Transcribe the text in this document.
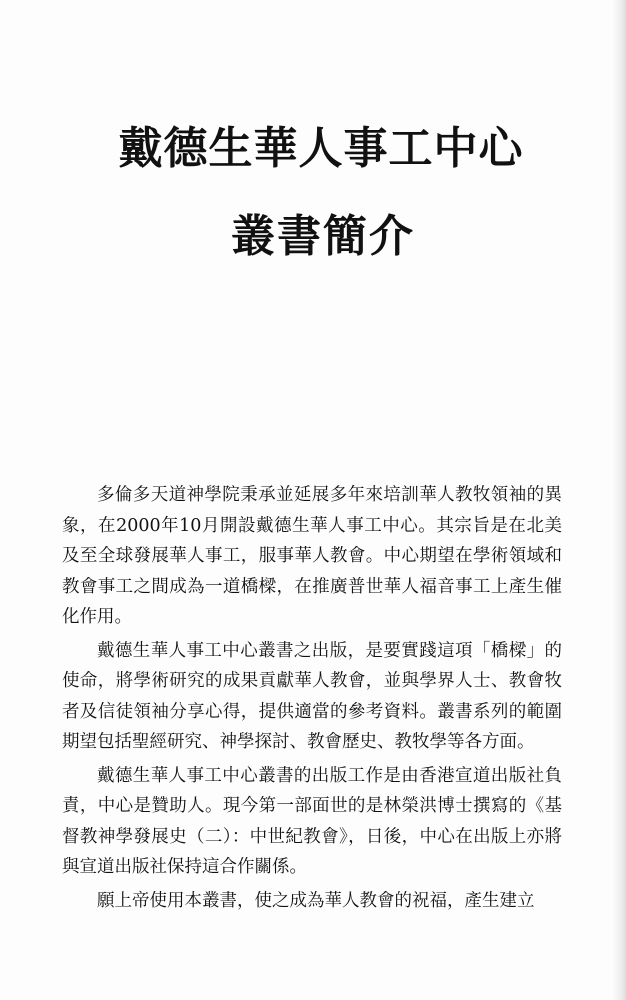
戴德生華人事工中心
叢書簡介

多倫多天道神學院秉承並延展多年來培訓華人教牧領袖的異象，在2000年10月開設戴德生華人事工中心。其宗旨是在北美及至全球發展華人事工，服事華人教會。中心期望在學術領域和教會事工之間成為一道橋樑，在推廣普世華人福音事工上產生催化作用。

戴德生華人事工中心叢書之出版，是要實踐這項「橋樑」的使命，將學術研究的成果貢獻華人教會，並與學界人士、教會牧者及信徒領袖分享心得，提供適當的參考資料。叢書系列的範圍期望包括聖經研究、神學探討、教會歷史、教牧學等各方面。

戴德生華人事工中心叢書的出版工作是由香港宣道出版社負責，中心是贊助人。現今第一部面世的是林榮洪博士撰寫的《基督教神學發展史（二）：中世紀教會》，日後，中心在出版上亦將與宣道出版社保持這合作關係。

願上帝使用本叢書，使之成為華人教會的祝福，產生建立
